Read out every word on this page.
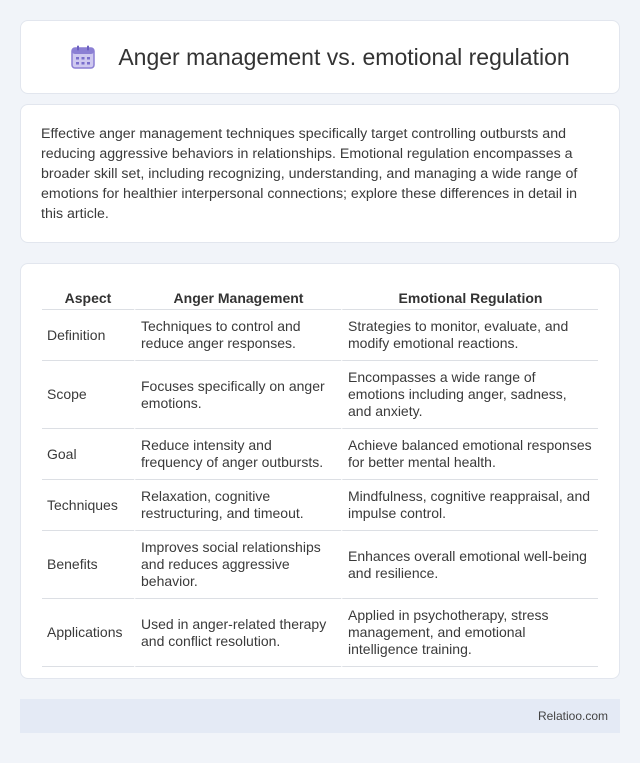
Anger management vs. emotional regulation

Effective anger management techniques specifically target controlling outbursts and reducing aggressive behaviors in relationships. Emotional regulation encompasses a broader skill set, including recognizing, understanding, and managing a wide range of emotions for healthier interpersonal connections; explore these differences in detail in this article.

Aspect	Anger Management	Emotional Regulation
Definition	Techniques to control and reduce anger responses.	Strategies to monitor, evaluate, and modify emotional reactions.
Scope	Focuses specifically on anger emotions.	Encompasses a wide range of emotions including anger, sadness, and anxiety.
Goal	Reduce intensity and frequency of anger outbursts.	Achieve balanced emotional responses for better mental health.
Techniques	Relaxation, cognitive restructuring, and timeout.	Mindfulness, cognitive reappraisal, and impulse control.
Benefits	Improves social relationships and reduces aggressive behavior.	Enhances overall emotional well-being and resilience.
Applications	Used in anger-related therapy and conflict resolution.	Applied in psychotherapy, stress management, and emotional intelligence training.
Relatioo.com
